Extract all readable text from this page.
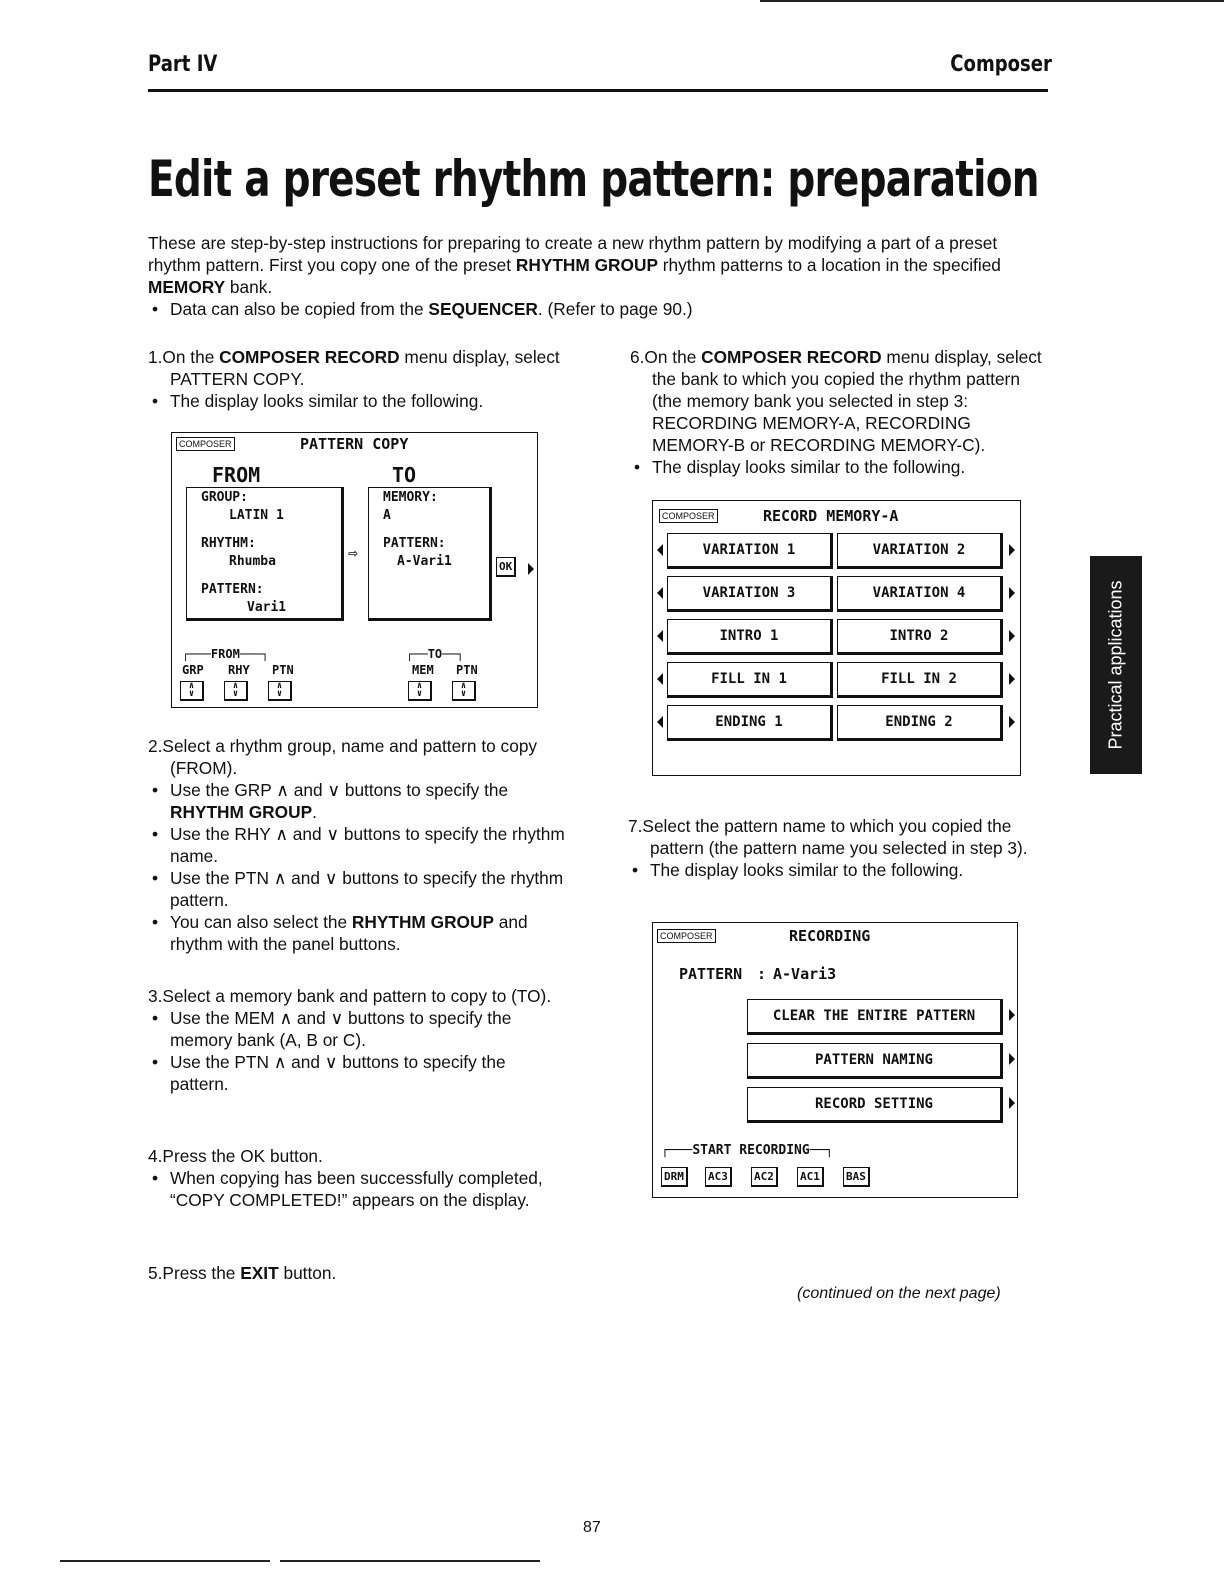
Part IV	Composer
Edit a preset rhythm pattern: preparation

These are step-by-step instructions for preparing to create a new rhythm pattern by modifying a part of a preset rhythm pattern. First you copy one of the preset RHYTHM GROUP rhythm patterns to a location in the specified MEMORY bank.

• Data can also be copied from the SEQUENCER. (Refer to page 90.)
1.On the COMPOSER RECORD menu display, select PATTERN COPY.
• The display looks similar to the following.
COMPOSER	PATTERN COPY
FROM	TO
GROUP:
LATIN 1
RHYTHM:
Rhumba
PATTERN:
Vari1
⇨
MEMORY:
A
PATTERN:
A-Vari1	OK
┌───FROM───┐
GRP RHY PTN
∧
∨
∧
∨
∧
∨
┌──TO──┐
MEM PTN
∧
∨
∧
∨
2.Select a rhythm group, name and pattern to copy (FROM).
• Use the GRP ∧ and ∨ buttons to specify the RHYTHM GROUP.
• Use the RHY ∧ and ∨ buttons to specify the rhythm name.
• Use the PTN ∧ and ∨ buttons to specify the rhythm pattern.
• You can also select the RHYTHM GROUP and rhythm with the panel buttons.
3.Select a memory bank and pattern to copy to (TO).
• Use the MEM ∧ and ∨ buttons to specify the memory bank (A, B or C).
• Use the PTN ∧ and ∨ buttons to specify the pattern.
4.Press the OK button.
• When copying has been successfully completed, “COPY COMPLETED!” appears on the display.
5.Press the EXIT button.
6.On the COMPOSER RECORD menu display, select the bank to which you copied the rhythm pattern (the memory bank you selected in step 3: RECORDING MEMORY-A, RECORDING MEMORY-B or RECORDING MEMORY-C).
• The display looks similar to the following.
COMPOSER	RECORD MEMORY-A
VARIATION 1	VARIATION 2
VARIATION 3	VARIATION 4
INTRO 1	INTRO 2
FILL IN 1	FILL IN 2
ENDING 1	ENDING 2
7.Select the pattern name to which you copied the pattern (the pattern name you selected in step 3).
• The display looks similar to the following.
COMPOSER	RECORDING
PATTERN : A-Vari3
CLEAR THE ENTIRE PATTERN
PATTERN NAMING
RECORD SETTING
┌───START RECORDING──┐
DRM	AC3	AC2	AC1	BAS
Practical applications
(continued on the next page)
87
